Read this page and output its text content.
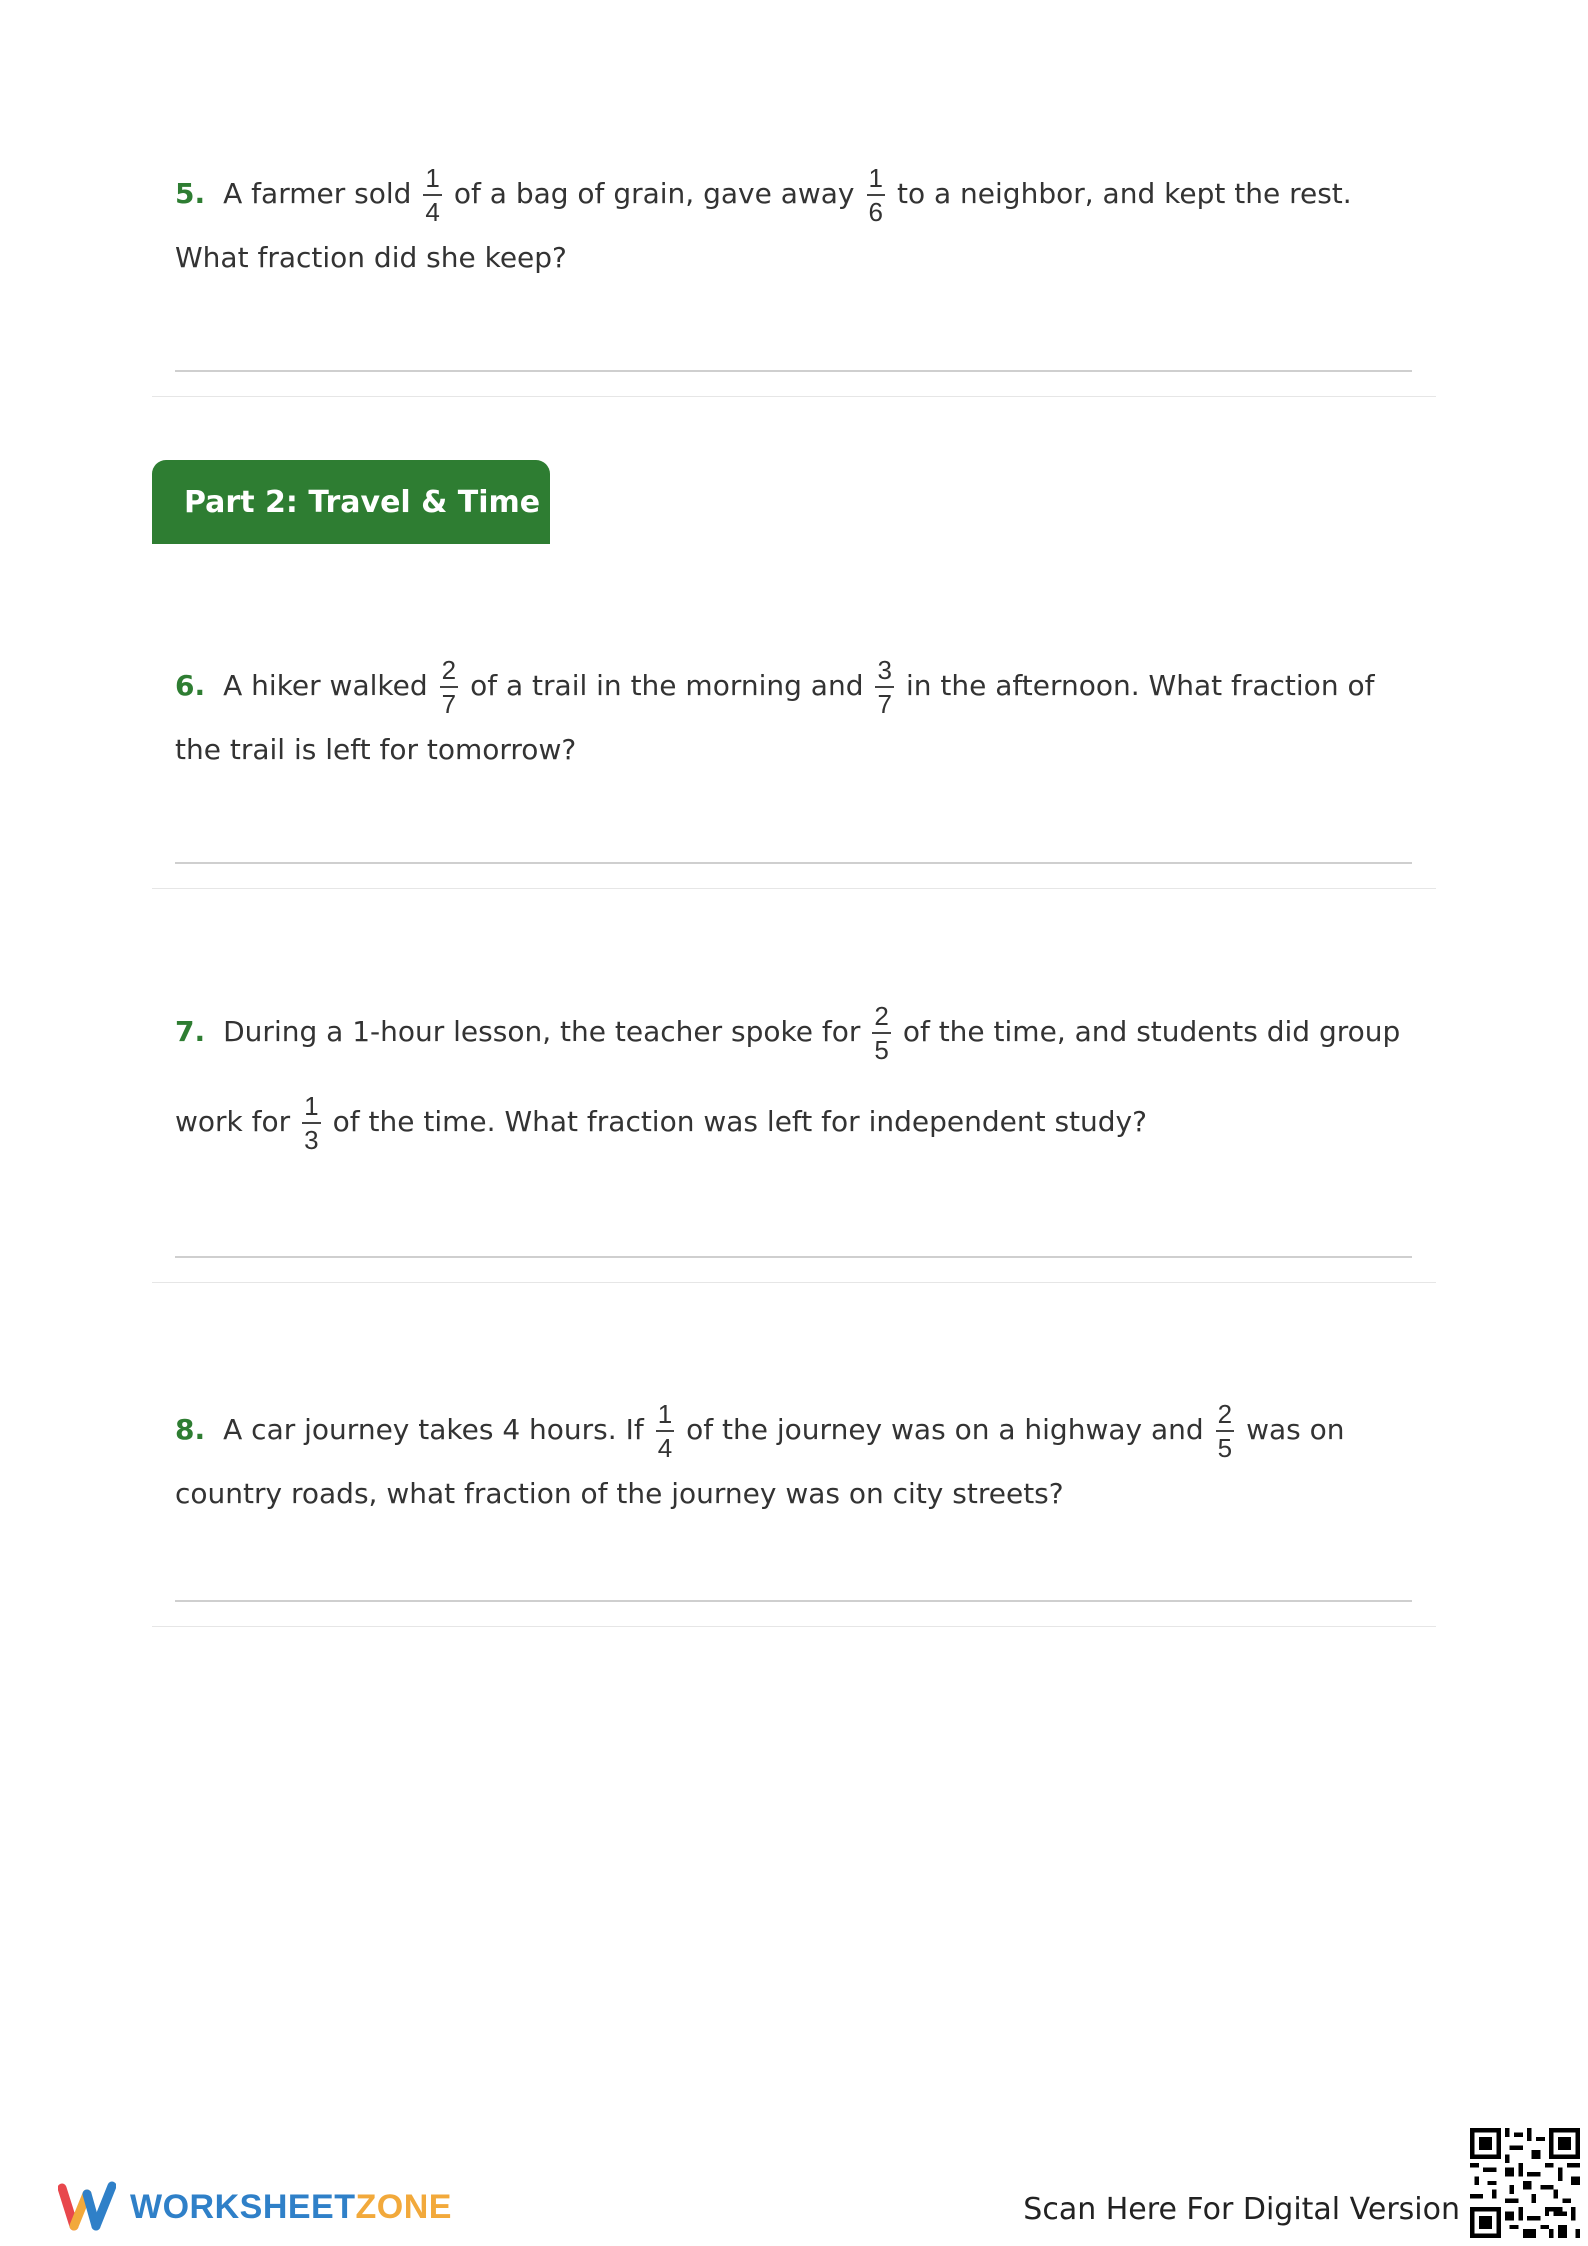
5. A farmer sold $\frac{1}{4}$ of a bag of grain, gave away $\frac{1}{6}$ to a neighbor, and kept the rest.
What fraction did she keep?
Part 2: Travel & Time
6. A hiker walked $\frac{2}{7}$ of a trail in the morning and $\frac{3}{7}$ in the afternoon. What fraction of
the trail is left for tomorrow?
7. During a 1-hour lesson, the teacher spoke for $\frac{2}{5}$ of the time, and students did group
work for $\frac{1}{3}$ of the time. What fraction was left for independent study?
8. A car journey takes 4 hours. If $\frac{1}{4}$ of the journey was on a highway and $\frac{2}{5}$ was on
country roads, what fraction of the journey was on city streets?
WORKSHEETZONE	Scan Here For Digital Version
